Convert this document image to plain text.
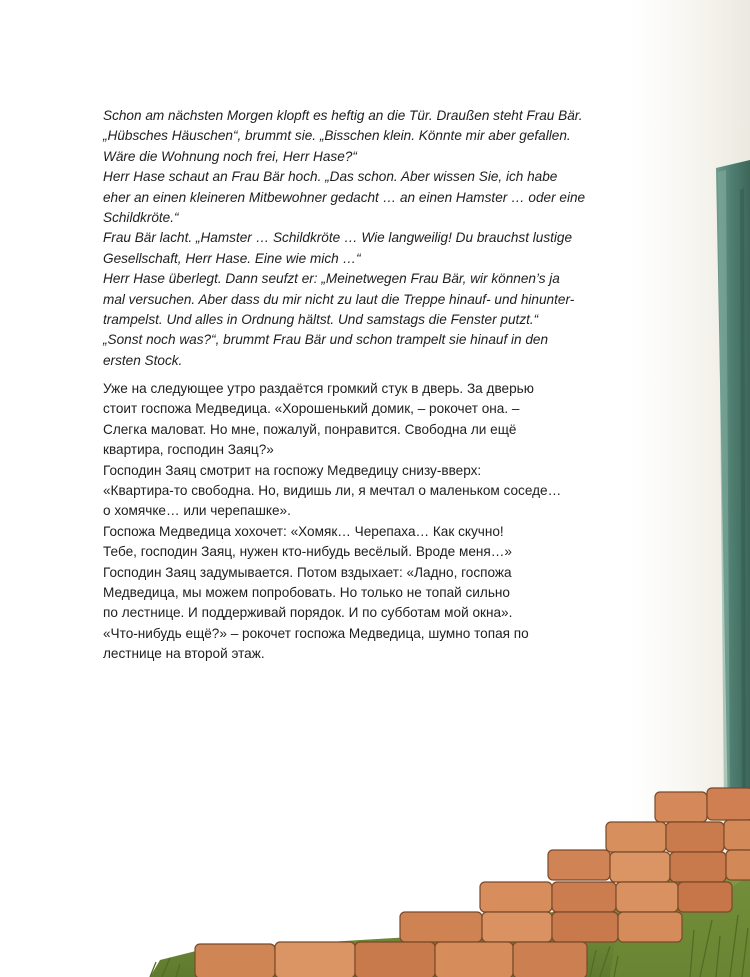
Schon am nächsten Morgen klopft es heftig an die Tür. Draußen steht Frau Bär.

„Hübsches Häuschen“, brummt sie. „Bisschen klein. Könnte mir aber gefallen.

Wäre die Wohnung noch frei, Herr Hase?“

Herr Hase schaut an Frau Bär hoch. „Das schon. Aber wissen Sie, ich habe

eher an einen kleineren Mitbewohner gedacht … an einen Hamster … oder eine

Schildkröte.“

Frau Bär lacht. „Hamster … Schildkröte … Wie langweilig! Du brauchst lustige

Gesellschaft, Herr Hase. Eine wie mich …“

Herr Hase überlegt. Dann seufzt er: „Meinetwegen Frau Bär, wir können’s ja

mal versuchen. Aber dass du mir nicht zu laut die Treppe hinauf- und hinunter-

trampelst. Und alles in Ordnung hältst. Und samstags die Fenster putzt.“

„Sonst noch was?“, brummt Frau Bär und schon trampelt sie hinauf in den

ersten Stock.

Уже на следующее утро раздаётся громкий стук в дверь. За дверью

стоит госпожа Медведица. «Хорошенький домик, – рокочет она. –

Слегка маловат. Но мне, пожалуй, понравится. Свободна ли ещё

квартира, господин Заяц?»

Господин Заяц смотрит на госпожу Медведицу снизу-вверх:

«Квартира-то свободна. Но, видишь ли, я мечтал о маленьком соседе…

о хомячке… или черепашке».

Госпожа Медведица хохочет: «Хомяк… Черепаха… Как скучно!

Тебе, господин Заяц, нужен кто-нибудь весёлый. Вроде меня…»

Господин Заяц задумывается. Потом вздыхает: «Ладно, госпожа

Медведица, мы можем попробовать. Но только не топай сильно

по лестнице. И поддерживай порядок. И по субботам мой окна».

«Что-нибудь ещё?» – рокочет госпожа Медведица, шумно топая по

лестнице на второй этаж.
